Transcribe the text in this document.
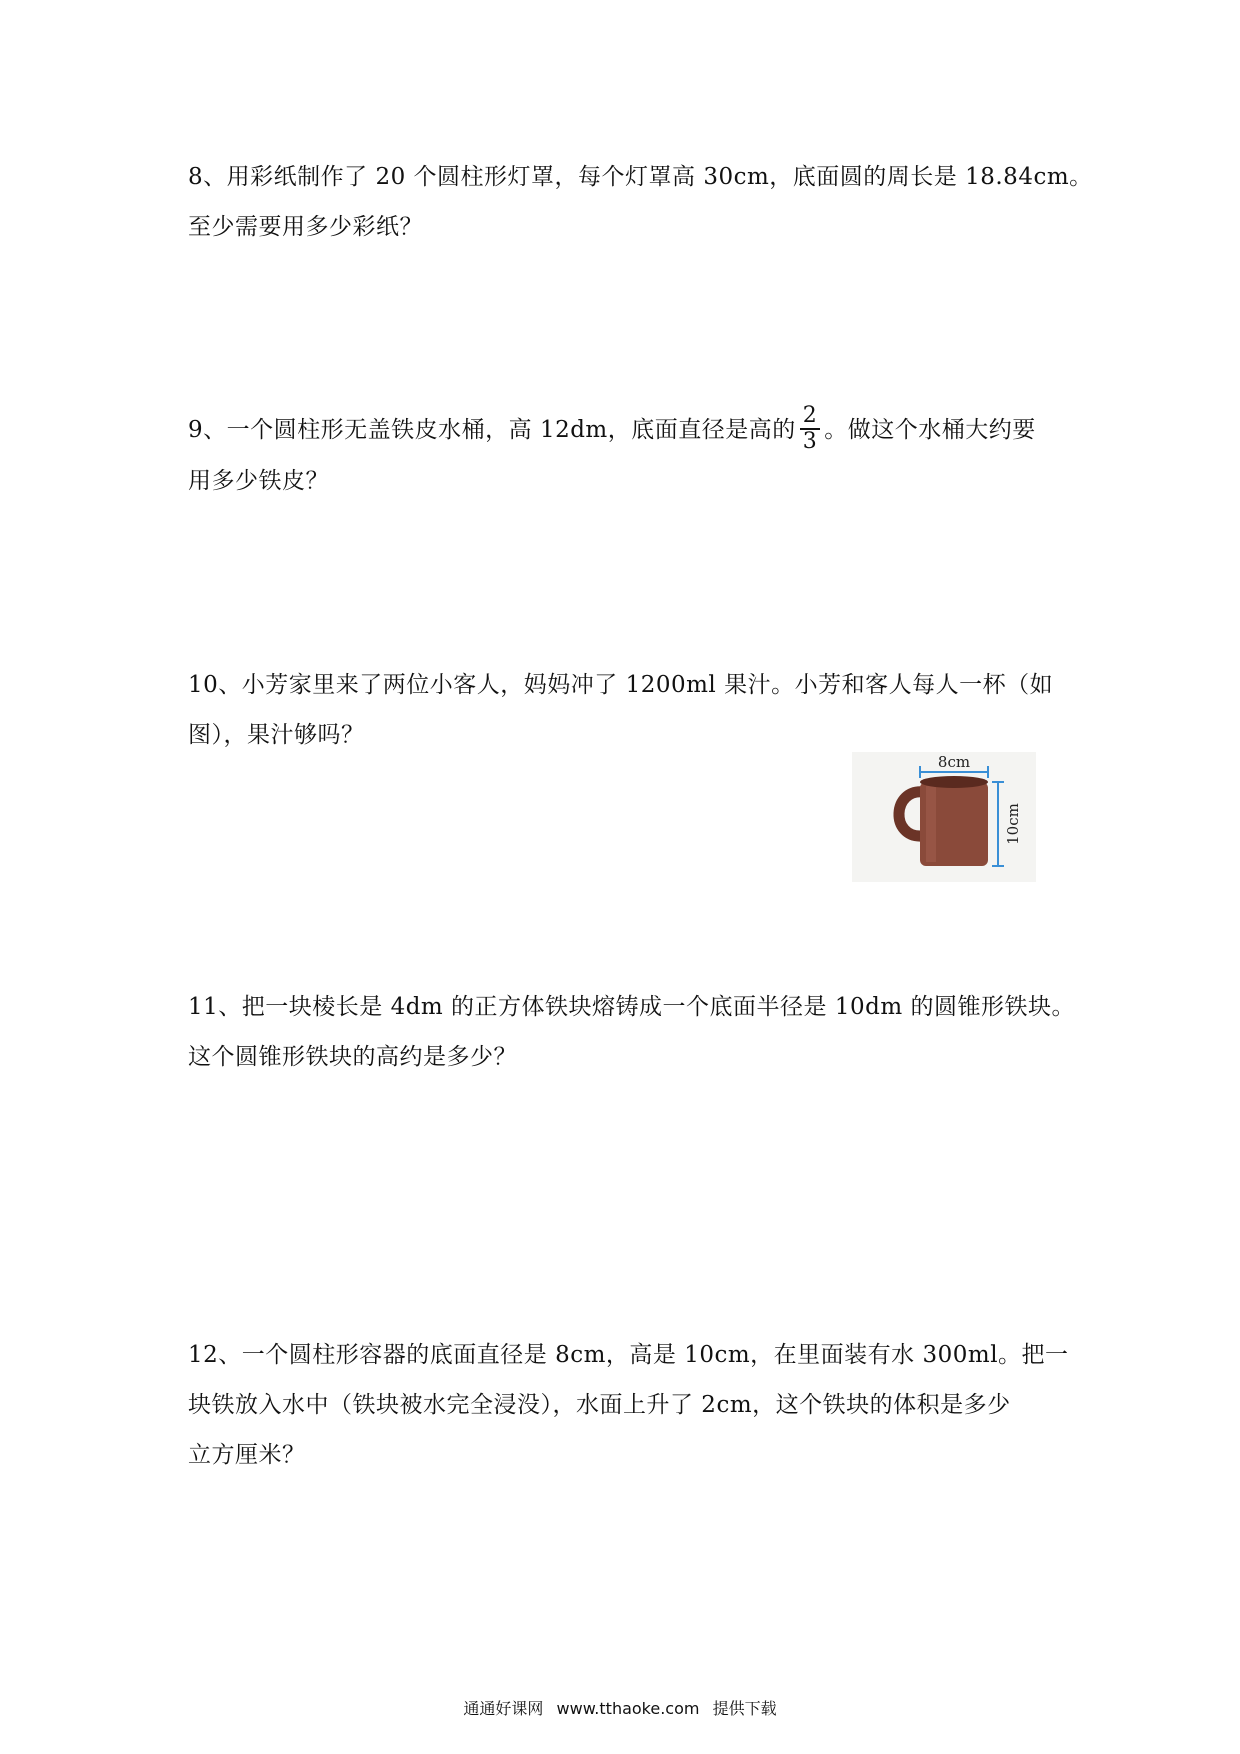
8、用彩纸制作了 20 个圆柱形灯罩，每个灯罩高 30cm，底面圆的周长是 18.84cm。
至少需要用多少彩纸？
9、一个圆柱形无盖铁皮水桶，高 12dm，底面直径是高的 $\frac{2}{3}$ 。做这个水桶大约要
用多少铁皮？
10、小芳家里来了两位小客人，妈妈冲了 1200ml 果汁。小芳和客人每人一杯（如
图），果汁够吗？
8cm
10cm
11、把一块棱长是 4dm 的正方体铁块熔铸成一个底面半径是 10dm 的圆锥形铁块。
这个圆锥形铁块的高约是多少？
12、一个圆柱形容器的底面直径是 8cm，高是 10cm，在里面装有水 300ml。把一
块铁放入水中（铁块被水完全浸没），水面上升了 2cm，这个铁块的体积是多少
立方厘米？
通通好课网 www.tthaoke.com 提供下载
